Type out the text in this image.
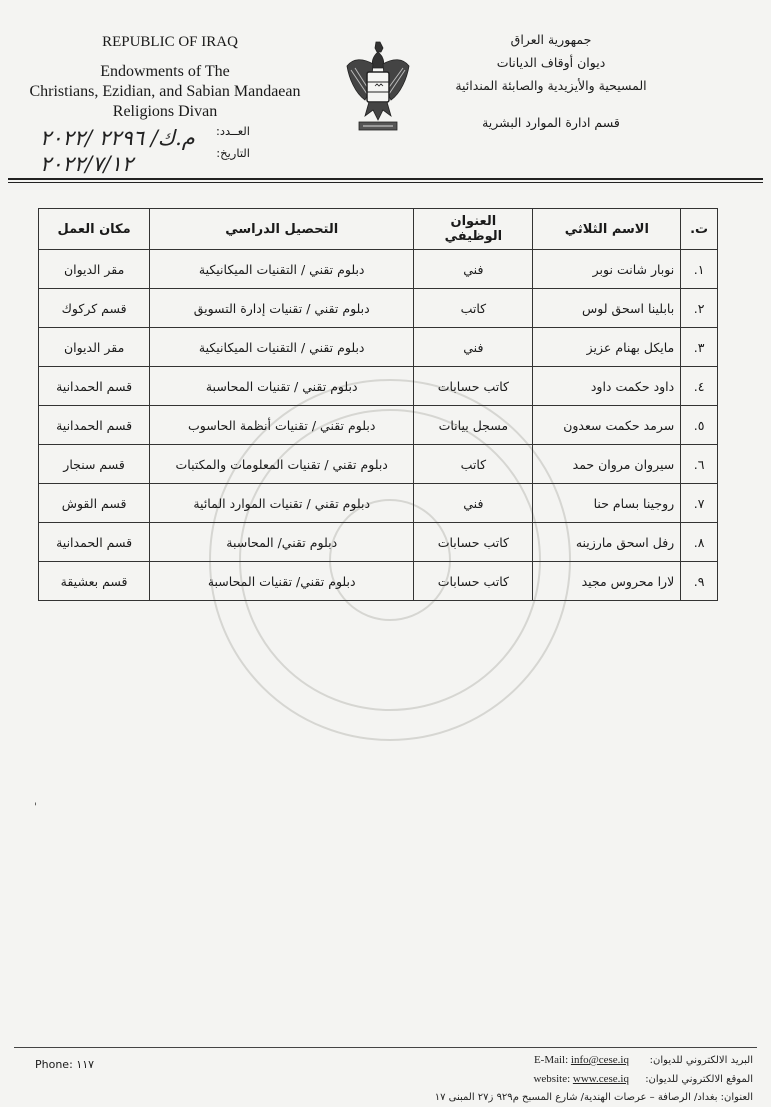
REPUBLIC OF IRAQ
Endowments of The
Christians, Ezidian, and Sabian Mandaean
Religions Divan
جمهورية العراق
ديوان أوقاف الديانات
المسيحية والأيزيدية والصابئة المندائية
قسم ادارة الموارد البشرية
العــدد:
م.ك/ ٢٢٩٦ /٢٠٢٢
التاريخ:
٢٠٢٢/٧/١٢
ت.	الاسم الثلاثي	العنوان الوظيفي	التحصيل الدراسي	مكان العمل
١.	نوبار شانت نوبر	فني	دبلوم تقني / التقنيات الميكانيكية	مقر الديوان
٢.	بابلينا اسحق لوس	كاتب	دبلوم تقني / تقنيات إدارة التسويق	قسم كركوك
٣.	مايكل بهنام عزيز	فني	دبلوم تقني / التقنيات الميكانيكية	مقر الديوان
٤.	داود حكمت داود	كاتب حسابات	دبلوم تقني / تقنيات المحاسبة	قسم الحمدانية
٥.	سرمد حكمت سعدون	مسجل بيانات	دبلوم تقني / تقنيات أنظمة الحاسوب	قسم الحمدانية
٦.	سيروان مروان حمد	كاتب	دبلوم تقني / تقنيات المعلومات والمكتبات	قسم سنجار
٧.	روجينا بسام حنا	فني	دبلوم تقني / تقنيات الموارد المائية	قسم القوش
٨.	رفل اسحق مارزينه	كاتب حسابات	دبلوم تقني/ المحاسبة	قسم الحمدانية
٩.	لارا محروس مجيد	كاتب حسابات	دبلوم تقني/ تقنيات المحاسبة	قسم بعشيقة
'
Phone: ١١٧	البريد الالكتروني للديوان:E-Mail: info@cese.iq
الموقع الالكتروني للديوان:website: www.cese.iq
العنوان: بغداد/ الرصافة – عرصات الهندية/ شارع المسبح م٩٢٩ ز٢٧ المبنى ١٧
